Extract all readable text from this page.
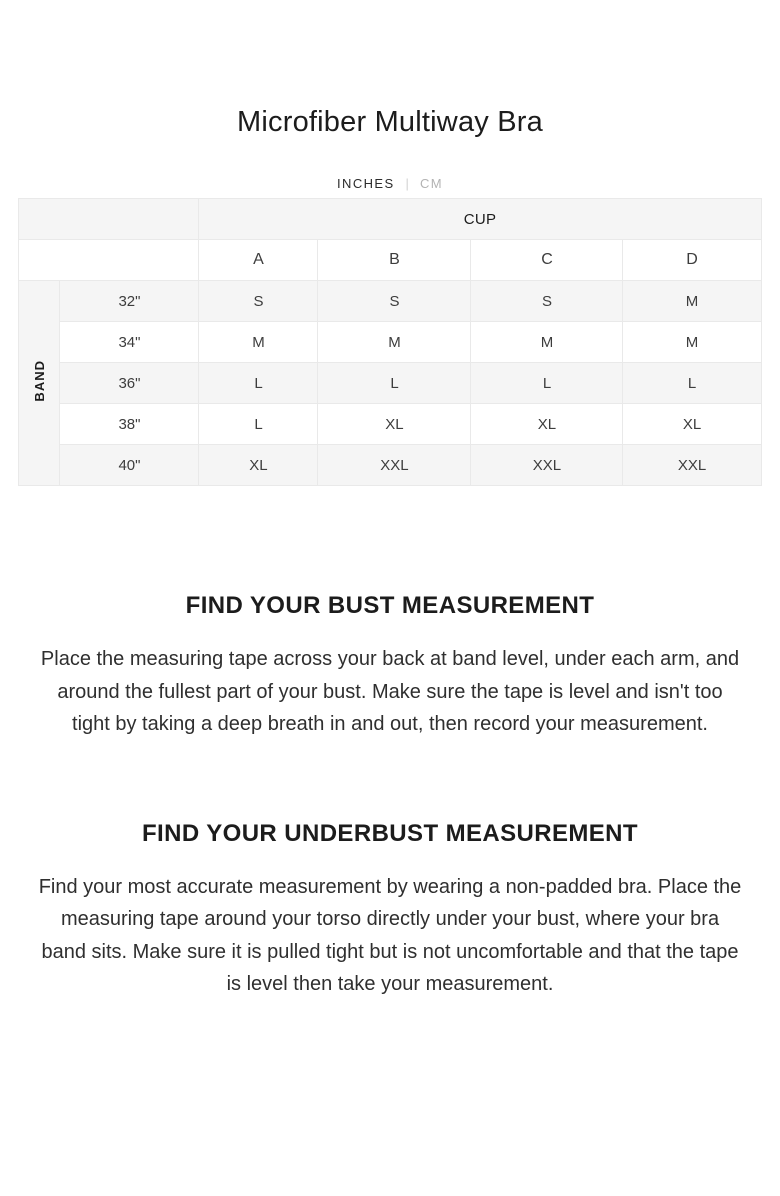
Microfiber Multiway Bra
INCHES | CM
		CUP			
		A	B	C	D
BAND	32"	S	S	S	M
	34"	M	M	M	M
	36"	L	L	L	L
	38"	L	XL	XL	XL
	40"	XL	XXL	XXL	XXL
FIND YOUR BUST MEASUREMENT

Place the measuring tape across your back at band level, under each arm, and around the fullest part of your bust. Make sure the tape is level and isn't too tight by taking a deep breath in and out, then record your measurement.

FIND YOUR UNDERBUST MEASUREMENT

Find your most accurate measurement by wearing a non-padded bra. Place the measuring tape around your torso directly under your bust, where your bra band sits. Make sure it is pulled tight but is not uncomfortable and that the tape is level then take your measurement.
